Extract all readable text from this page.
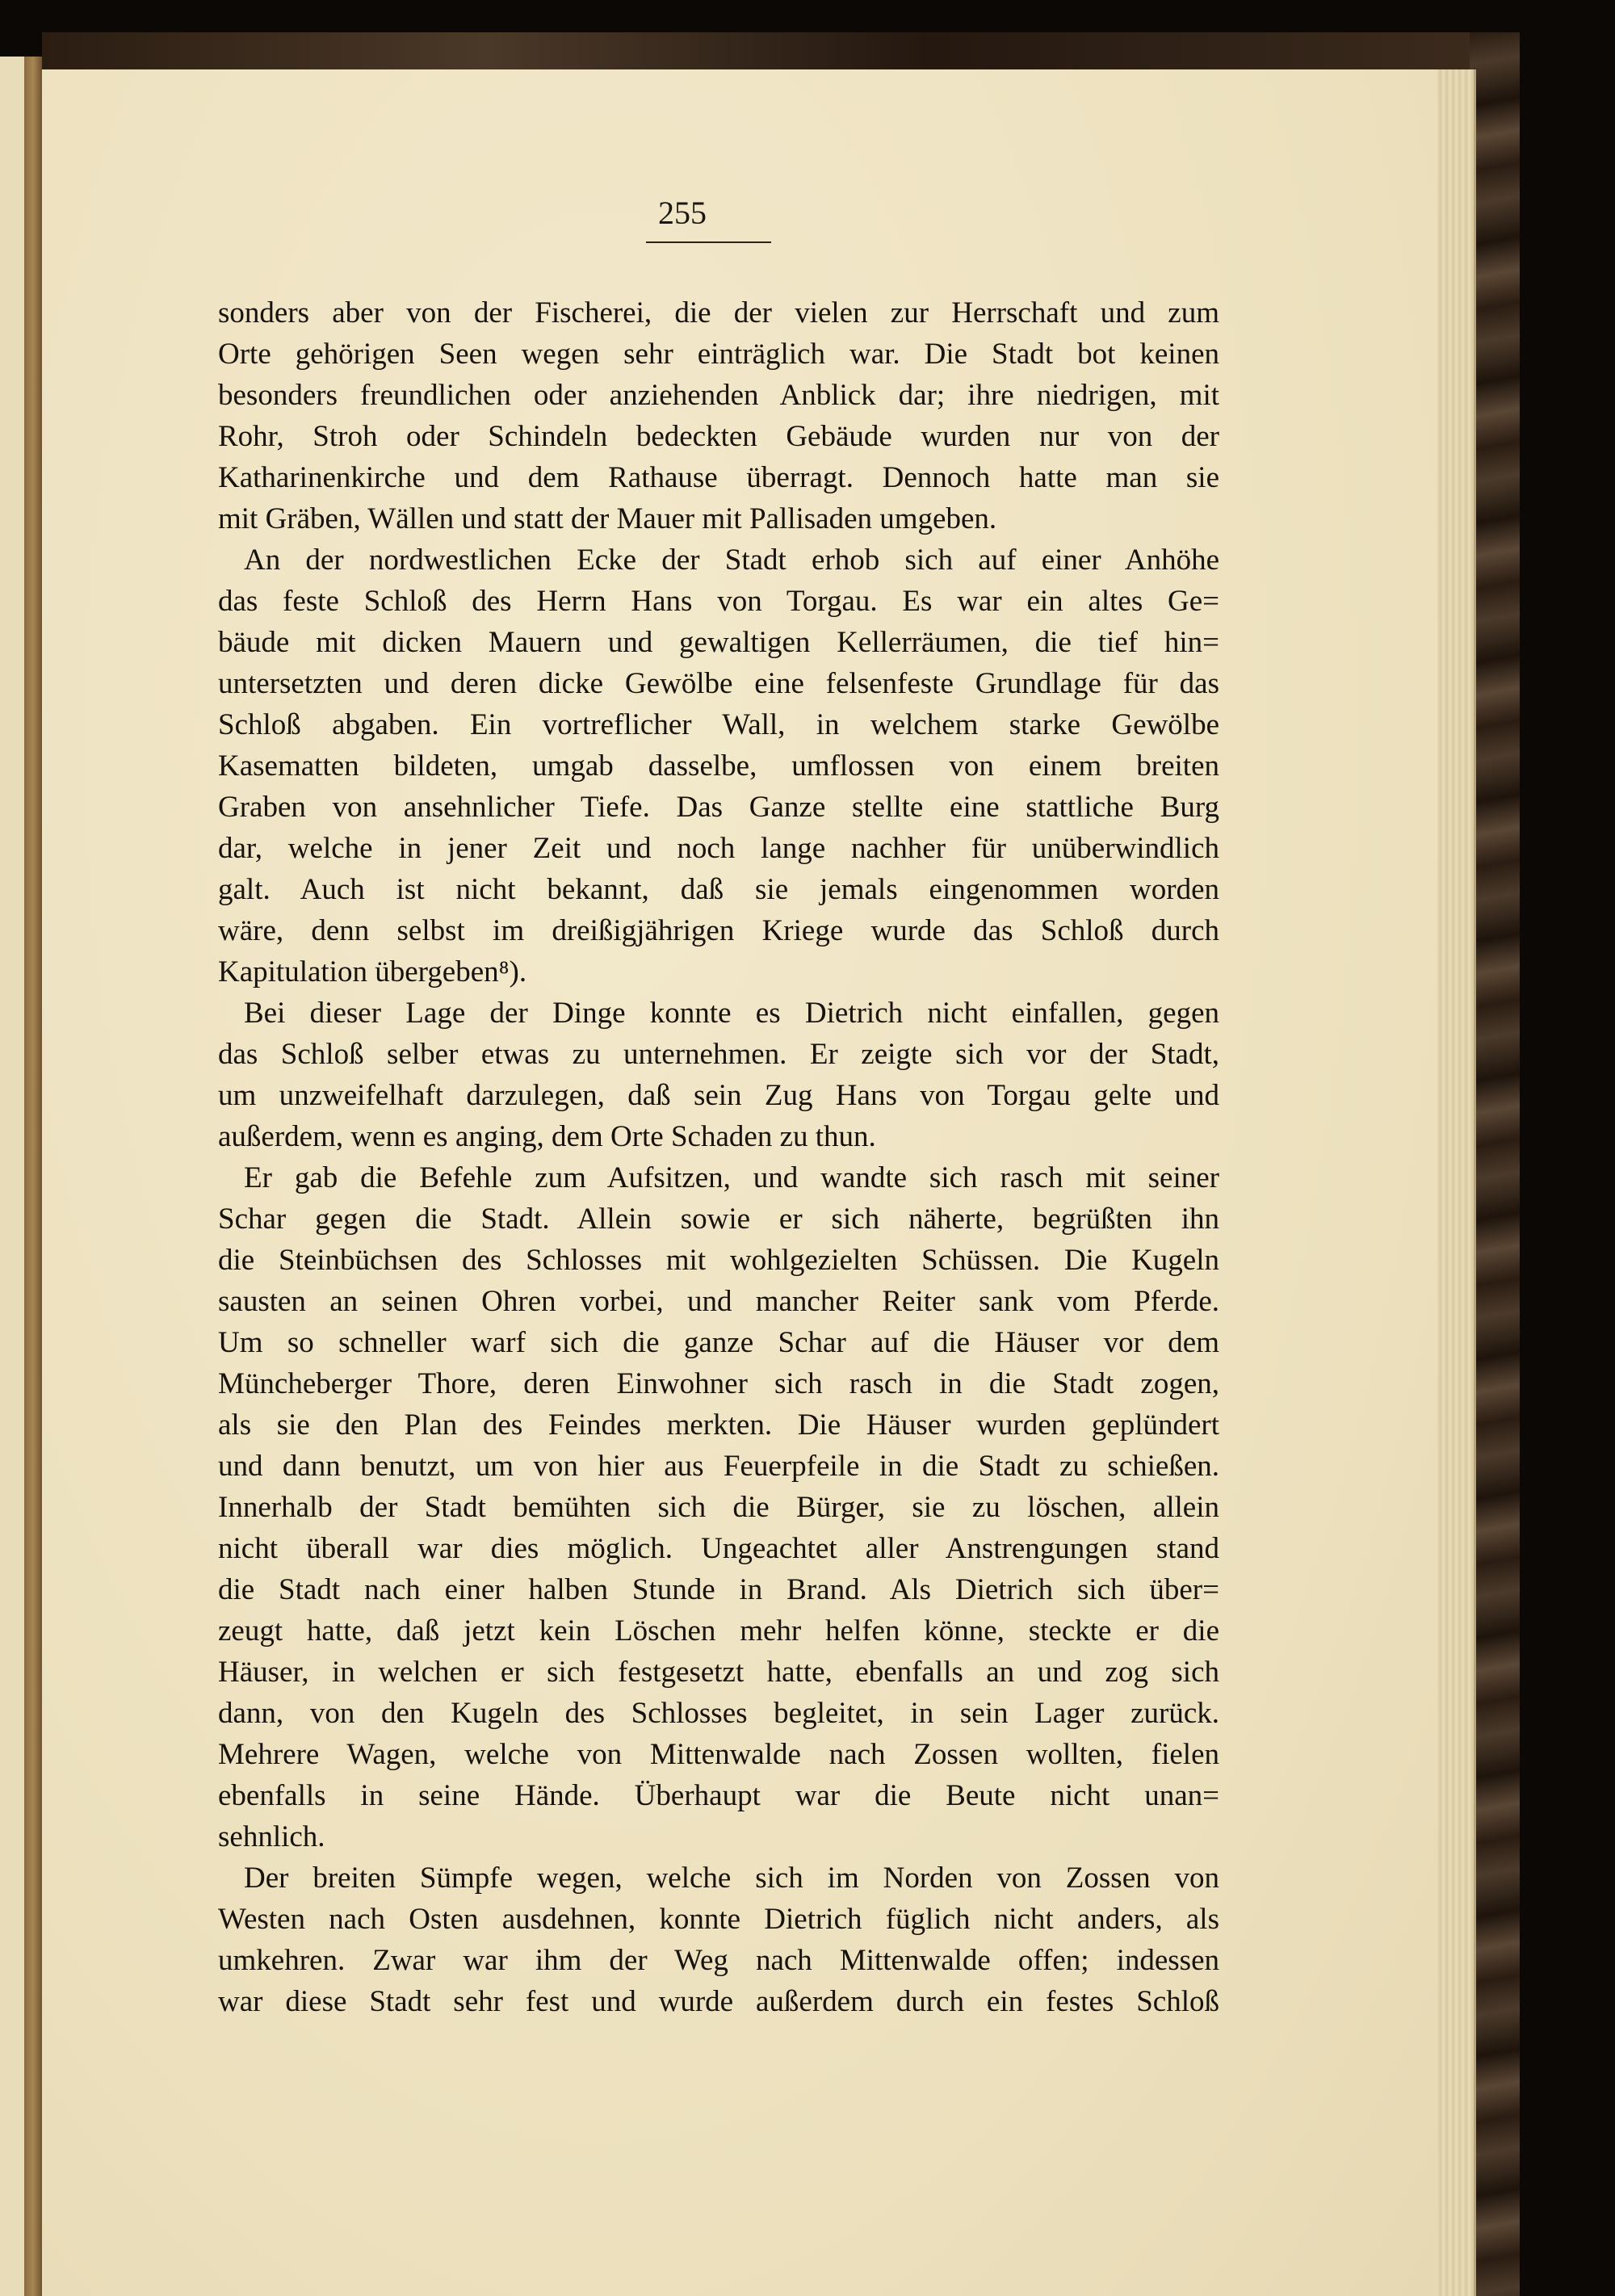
255
sonders aber von der Fischerei, die der vielen zur Herrschaft und zum
Orte gehörigen Seen wegen sehr einträglich war. Die Stadt bot keinen
besonders freundlichen oder anziehenden Anblick dar; ihre niedrigen, mit
Rohr, Stroh oder Schindeln bedeckten Gebäude wurden nur von der
Katharinenkirche und dem Rathause überragt. Dennoch hatte man sie
mit Gräben, Wällen und statt der Mauer mit Pallisaden umgeben.
An der nordwestlichen Ecke der Stadt erhob sich auf einer Anhöhe
das feste Schloß des Herrn Hans von Torgau. Es war ein altes Ge=
bäude mit dicken Mauern und gewaltigen Kellerräumen, die tief hin=
untersetzten und deren dicke Gewölbe eine felsenfeste Grundlage für das
Schloß abgaben. Ein vortreflicher Wall, in welchem starke Gewölbe
Kasematten bildeten, umgab dasselbe, umflossen von einem breiten
Graben von ansehnlicher Tiefe. Das Ganze stellte eine stattliche Burg
dar, welche in jener Zeit und noch lange nachher für unüberwindlich
galt. Auch ist nicht bekannt, daß sie jemals eingenommen worden
wäre, denn selbst im dreißigjährigen Kriege wurde das Schloß durch
Kapitulation übergeben⁸).
Bei dieser Lage der Dinge konnte es Dietrich nicht einfallen, gegen
das Schloß selber etwas zu unternehmen. Er zeigte sich vor der Stadt,
um unzweifelhaft darzulegen, daß sein Zug Hans von Torgau gelte und
außerdem, wenn es anging, dem Orte Schaden zu thun.
Er gab die Befehle zum Aufsitzen, und wandte sich rasch mit seiner
Schar gegen die Stadt. Allein sowie er sich näherte, begrüßten ihn
die Steinbüchsen des Schlosses mit wohlgezielten Schüssen. Die Kugeln
sausten an seinen Ohren vorbei, und mancher Reiter sank vom Pferde.
Um so schneller warf sich die ganze Schar auf die Häuser vor dem
Müncheberger Thore, deren Einwohner sich rasch in die Stadt zogen,
als sie den Plan des Feindes merkten. Die Häuser wurden geplündert
und dann benutzt, um von hier aus Feuerpfeile in die Stadt zu schießen.
Innerhalb der Stadt bemühten sich die Bürger, sie zu löschen, allein
nicht überall war dies möglich. Ungeachtet aller Anstrengungen stand
die Stadt nach einer halben Stunde in Brand. Als Dietrich sich über=
zeugt hatte, daß jetzt kein Löschen mehr helfen könne, steckte er die
Häuser, in welchen er sich festgesetzt hatte, ebenfalls an und zog sich
dann, von den Kugeln des Schlosses begleitet, in sein Lager zurück.
Mehrere Wagen, welche von Mittenwalde nach Zossen wollten, fielen
ebenfalls in seine Hände. Überhaupt war die Beute nicht unan=
sehnlich.
Der breiten Sümpfe wegen, welche sich im Norden von Zossen von
Westen nach Osten ausdehnen, konnte Dietrich füglich nicht anders, als
umkehren. Zwar war ihm der Weg nach Mittenwalde offen; indessen
war diese Stadt sehr fest und wurde außerdem durch ein festes Schloß
